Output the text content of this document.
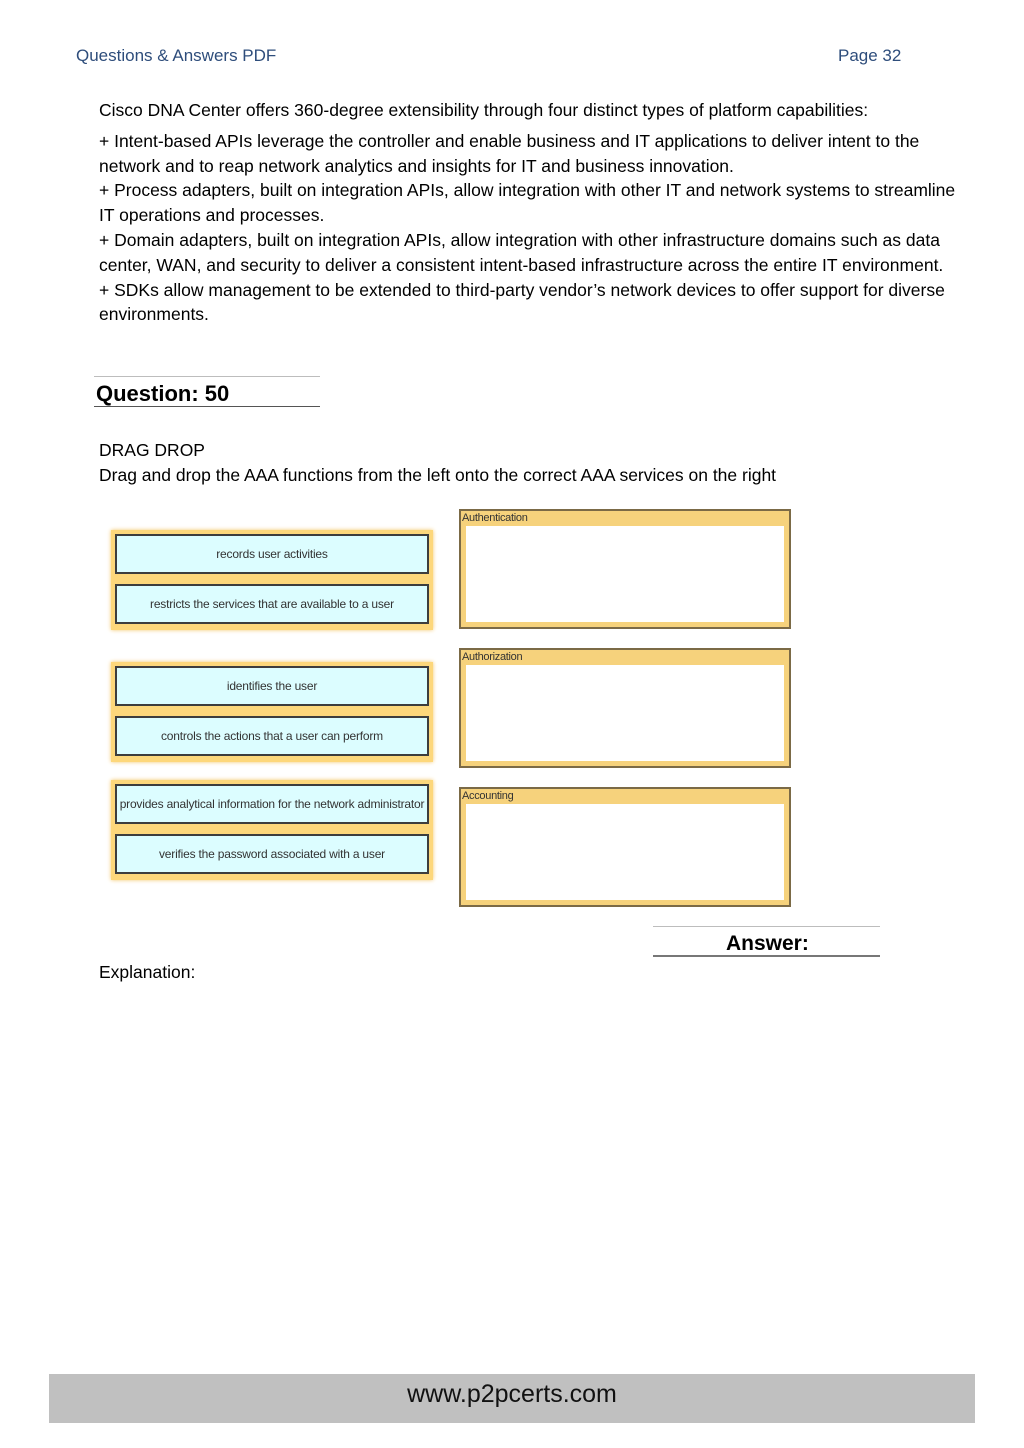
Questions & Answers PDF	Page 32

Cisco DNA Center offers 360-degree extensibility through four distinct types of platform capabilities:

+ Intent-based APIs leverage the controller and enable business and IT applications to deliver intent to the network and to reap network analytics and insights for IT and business innovation.

+ Process adapters, built on integration APIs, allow integration with other IT and network systems to streamline IT operations and processes.

+ Domain adapters, built on integration APIs, allow integration with other infrastructure domains such as data center, WAN, and security to deliver a consistent intent-based infrastructure across the entire IT environment.

+ SDKs allow management to be extended to third-party vendor’s network devices to offer support for diverse environments.

Question: 50

DRAG DROP

Drag and drop the AAA functions from the left onto the correct AAA services on the right

records user activities
restricts the services that are available to a user
identifies the user
controls the actions that a user can perform
provides analytical information for the network administrator
verifies the password associated with a user
Authentication
Authorization
Accounting
Answer:
Explanation:
www.p2pcerts.com
